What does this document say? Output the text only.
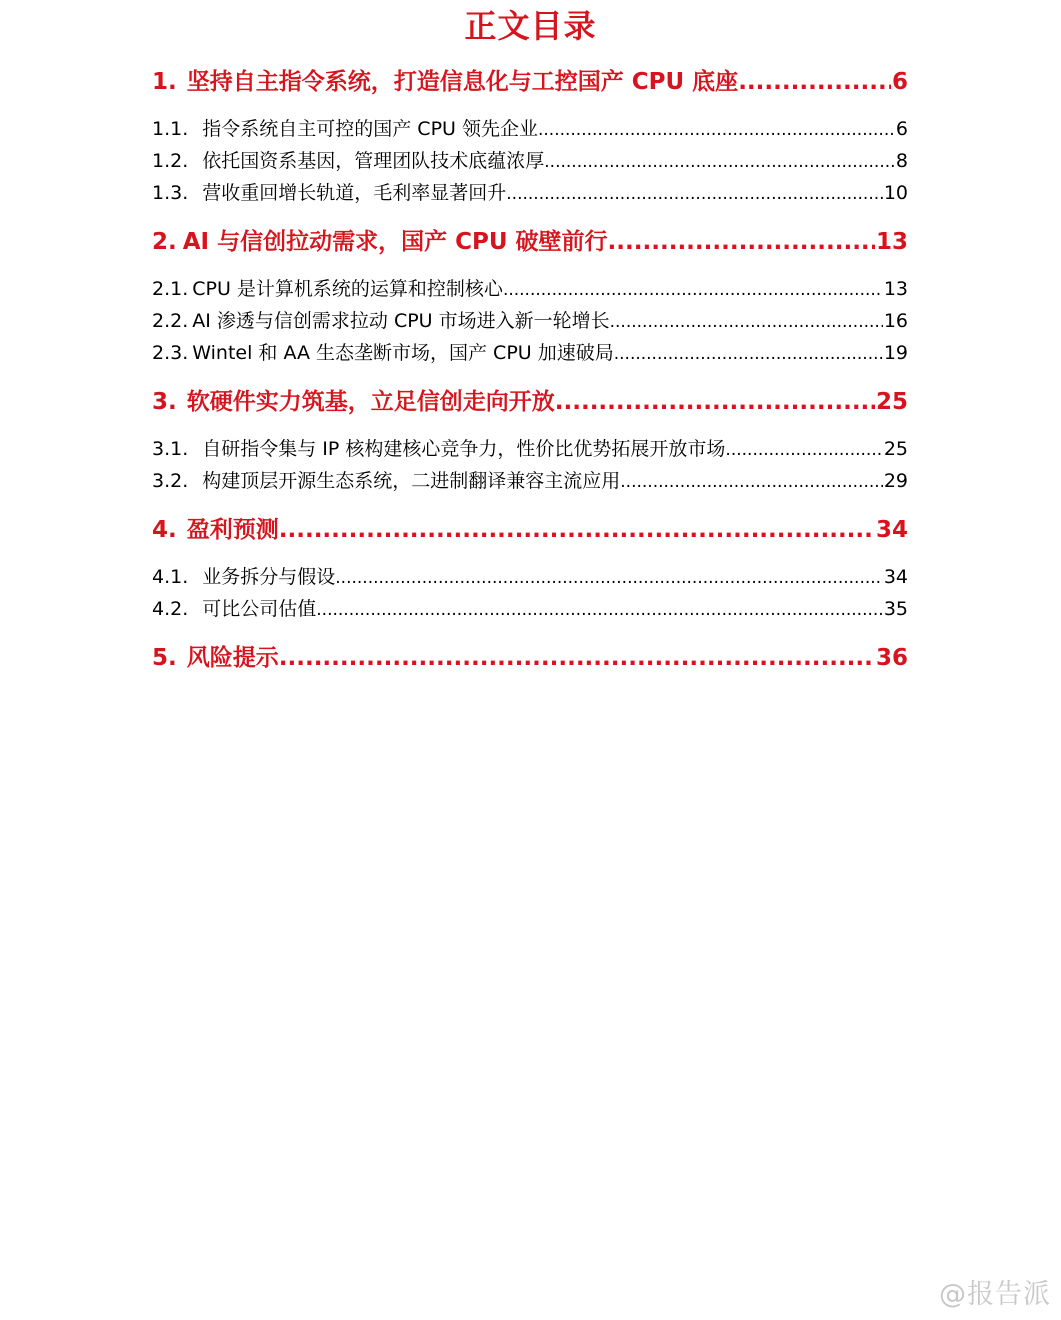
正文目录
1. 坚持自主指令系统，打造信息化与工控国产 CPU 底座 .....	6
1.1. 指令系统自主可控的国产 CPU 领先企业 .....	6
1.2. 依托国资系基因，管理团队技术底蕴浓厚 .....	8
1.3. 营收重回增长轨道，毛利率显著回升 .....	10
2. AI 与信创拉动需求，国产 CPU 破壁前行 .....	13
2.1. CPU 是计算机系统的运算和控制核心 .....	13
2.2. AI 渗透与信创需求拉动 CPU 市场进入新一轮增长 .....	16
2.3. Wintel 和 AA 生态垄断市场，国产 CPU 加速破局 .....	19
3. 软硬件实力筑基，立足信创走向开放 .....	25
3.1. 自研指令集与 IP 核构建核心竞争力，性价比优势拓展开放市场 .....	25
3.2. 构建顶层开源生态系统，二进制翻译兼容主流应用 .....	29
4. 盈利预测 .....	34
4.1. 业务拆分与假设 .....	34
4.2. 可比公司估值 .....	35
5. 风险提示 .....	36
@报告派
